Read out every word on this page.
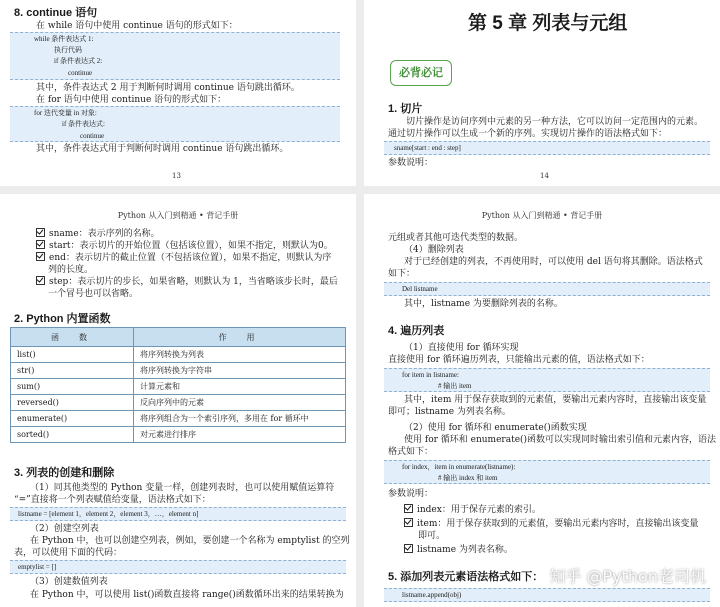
8. continue 语句
在 while 语句中使用 continue 语句的形式如下：
while 条件表达式 1:
执行代码
if 条件表达式 2:
continue
其中，条件表达式 2 用于判断何时调用 continue 语句跳出循环。
在 for 语句中使用 continue 语句的形式如下：
for 迭代变量 in 对象:
if 条件表达式:
continue
其中，条件表达式用于判断何时调用 continue 语句跳出循环。
13
第 5 章 列表与元组
必背必记
1. 切片
切片操作是访问序列中元素的另一种方法，它可以访问一定范围内的元素。
通过切片操作可以生成一个新的序列。实现切片操作的语法格式如下：
sname[start : end : step]
参数说明：
14
Python 从入门到精通 • 背记手册
sname：表示序列的名称。
start：表示切片的开始位置（包括该位置），如果不指定，则默认为0。
end：表示切片的截止位置（不包括该位置），如果不指定，则默认为序
列的长度。
step：表示切片的步长，如果省略，则默认为 1，当省略该步长时，最后
一个冒号也可以省略。
2. Python 内置函数
函　数	作　用
list()	将序列转换为列表
str()	将序列转换为字符串
sum()	计算元素和
reversed()	反向序列中的元素
enumerate()	将序列组合为一个索引序列，多用在 for 循环中
sorted()	对元素进行排序
3. 列表的创建和删除
（1）同其他类型的 Python 变量一样，创建列表时，也可以使用赋值运算符
“=”直接将一个列表赋值给变量，语法格式如下：
listname = [element 1，element 2，element 3，…，element n]
（2）创建空列表
在 Python 中，也可以创建空列表，例如，要创建一个名称为 emptylist 的空列
表，可以使用下面的代码：
emptylist = []
（3）创建数值列表
在 Python 中，可以使用 list()函数直接将 range()函数循环出来的结果转换为
Python 从入门到精通 • 背记手册
元组或者其他可迭代类型的数据。
（4）删除列表
对于已经创建的列表，不再使用时，可以使用 del 语句将其删除。语法格式
如下：
Del listname
其中，listname 为要删除列表的名称。
4. 遍历列表
（1）直接使用 for 循环实现
直接使用 for 循环遍历列表，只能输出元素的值，语法格式如下：
for item in listname:
# 输出 item
其中，item 用于保存获取到的元素值，要输出元素内容时，直接输出该变量
即可；listname 为列表名称。
（2）使用 for 循环和 enumerate()函数实现
使用 for 循环和 enumerate()函数可以实现同时输出索引值和元素内容，语法
格式如下：
for index，item in enumerate(listname):
# 输出 index 和 item
参数说明：
index：用于保存元素的索引。
item：用于保存获取到的元素值，要输出元素内容时，直接输出该变量
即可。
listname 为列表名称。
5. 添加列表元素语法格式如下：
listname.append(obj)
知乎 @Python老司机
